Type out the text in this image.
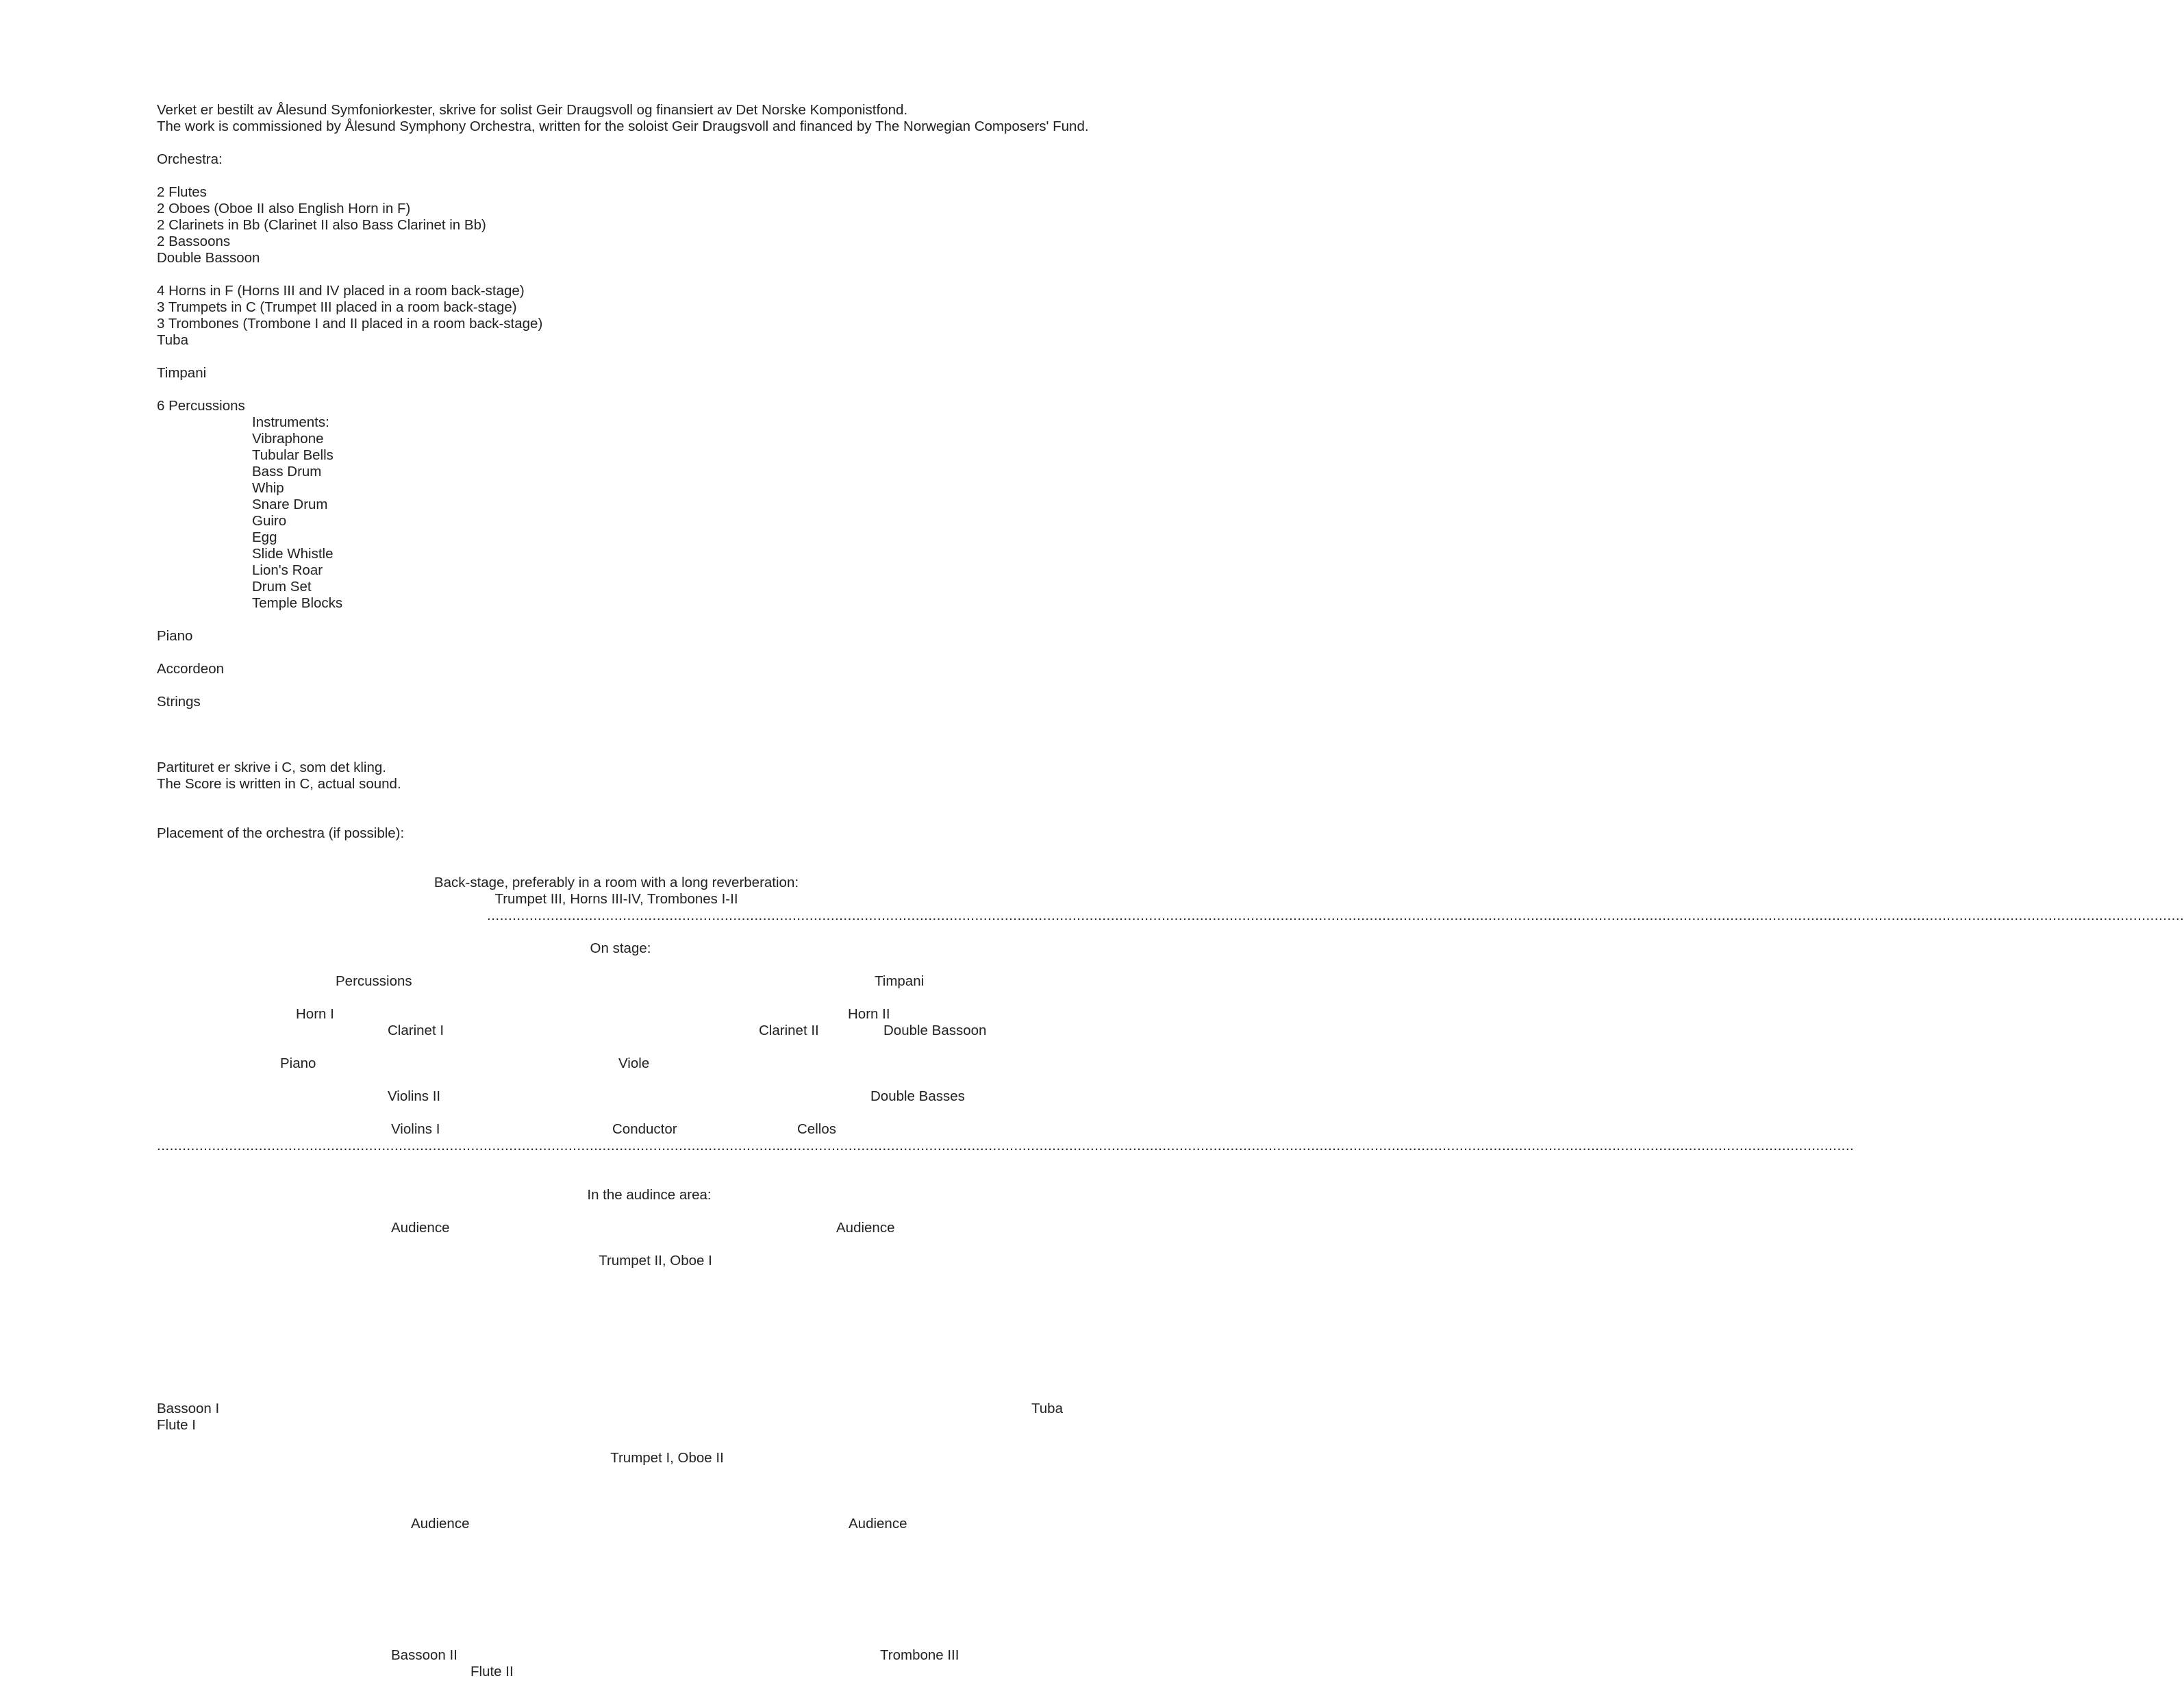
Verket er bestilt av Ålesund Symfoniorkester, skrive for solist Geir Draugsvoll og finansiert av Det Norske Komponistfond.

The work is commissioned by Ålesund Symphony Orchestra, written for the soloist Geir Draugsvoll and financed by The Norwegian Composers' Fund.

Orchestra:

2 Flutes

2 Oboes (Oboe II also English Horn in F)

2 Clarinets in Bb (Clarinet II also Bass Clarinet in Bb)

2 Bassoons

Double Bassoon

4 Horns in F (Horns III and IV placed in a room back-stage)

3 Trumpets in C (Trumpet III placed in a room back-stage)

3 Trombones (Trombone I and II placed in a room back-stage)

Tuba

Timpani

6 Percussions

Instruments:

Vibraphone

Tubular Bells

Bass Drum

Whip

Snare Drum

Guiro

Egg

Slide Whistle

Lion's Roar

Drum Set

Temple Blocks

Piano

Accordeon

Strings

Partituret er skrive i C, som det kling.

The Score is written in C, actual sound.

Placement of the orchestra (if possible):

Back-stage, preferably in a room with a long reverberation:

Trumpet III, Horns III-IV, Trombones I-II

................................................................................................................................................................................................................................................................................................................................................................................................................

On stage:

Percussions	Timpani

Horn I	Horn II

Clarinet I	Clarinet II	Double Bassoon

Piano	Viole

Violins II	Double Basses

Violins I	Conductor	Cellos

................................................................................................................................................................................................................................................................................................................................................................................................................

In the audince area:

Audience	Audience

Trumpet II, Oboe I

Bassoon I	Tuba

Flute I

Trumpet I, Oboe II

Audience	Audience

Bassoon II	Trombone III

Flute II
